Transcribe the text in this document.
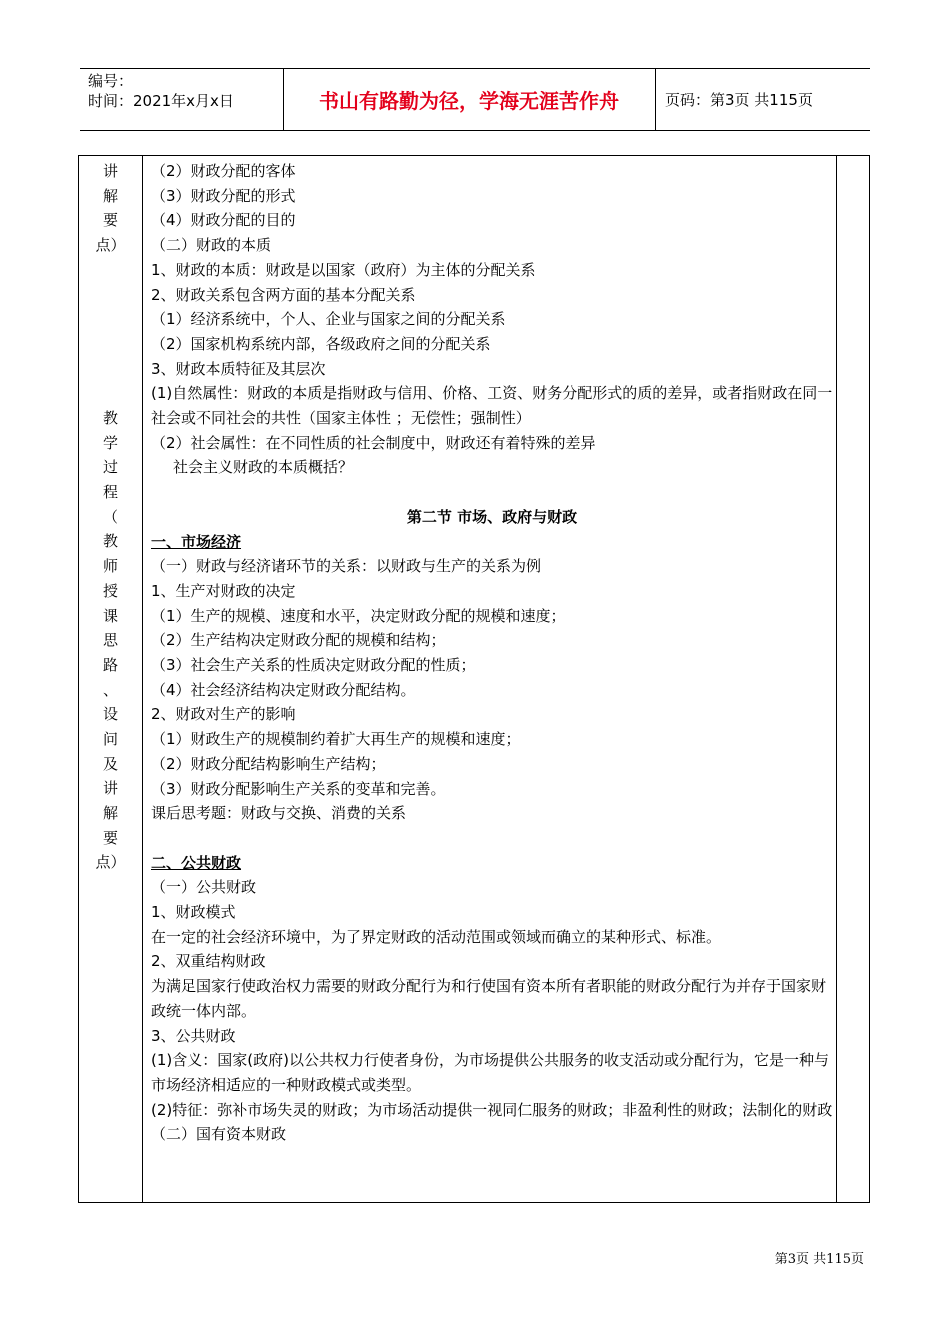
编号：
时间：2021年x月x日	书山有路勤为径，学海无涯苦作舟	页码：第3页 共115页
讲
解
要
点）
教
学
过
程
（
教
师
授
课
思
路
、
设
问
及
讲
解
要
点）

（2）财政分配的客体

（3）财政分配的形式

（4）财政分配的目的

（二）财政的本质

1、财政的本质：财政是以国家（政府）为主体的分配关系

2、财政关系包含两方面的基本分配关系

（1）经济系统中，个人、企业与国家之间的分配关系

（2）国家机构系统内部，各级政府之间的分配关系

3、财政本质特征及其层次

(1)自然属性：财政的本质是指财政与信用、价格、工资、财务分配形式的质的差异，或者指财政在同一社会或不同社会的共性（国家主体性 ；无偿性；强制性）

（2）社会属性：在不同性质的社会制度中，财政还有着特殊的差异

社会主义财政的本质概括？

第二节 市场、政府与财政

一、市场经济

（一）财政与经济诸环节的关系：以财政与生产的关系为例

1、生产对财政的决定

（1）生产的规模、速度和水平，决定财政分配的规模和速度；

（2）生产结构决定财政分配的规模和结构；

（3）社会生产关系的性质决定财政分配的性质；

（4）社会经济结构决定财政分配结构。

2、财政对生产的影响

（1）财政生产的规模制约着扩大再生产的规模和速度；

（2）财政分配结构影响生产结构；

（3）财政分配影响生产关系的变革和完善。

课后思考题：财政与交换、消费的关系

二、公共财政

（一）公共财政

1、财政模式

在一定的社会经济环境中，为了界定财政的活动范围或领域而确立的某种形式、标准。

2、双重结构财政

为满足国家行使政治权力需要的财政分配行为和行使国有资本所有者职能的财政分配行为并存于国家财政统一体内部。

3、公共财政

(1)含义：国家(政府)以公共权力行使者身份，为市场提供公共服务的收支活动或分配行为，它是一种与市场经济相适应的一种财政模式或类型。

(2)特征：弥补市场失灵的财政；为市场活动提供一视同仁服务的财政；非盈利性的财政；法制化的财政

（二）国有资本财政

第3页 共115页
